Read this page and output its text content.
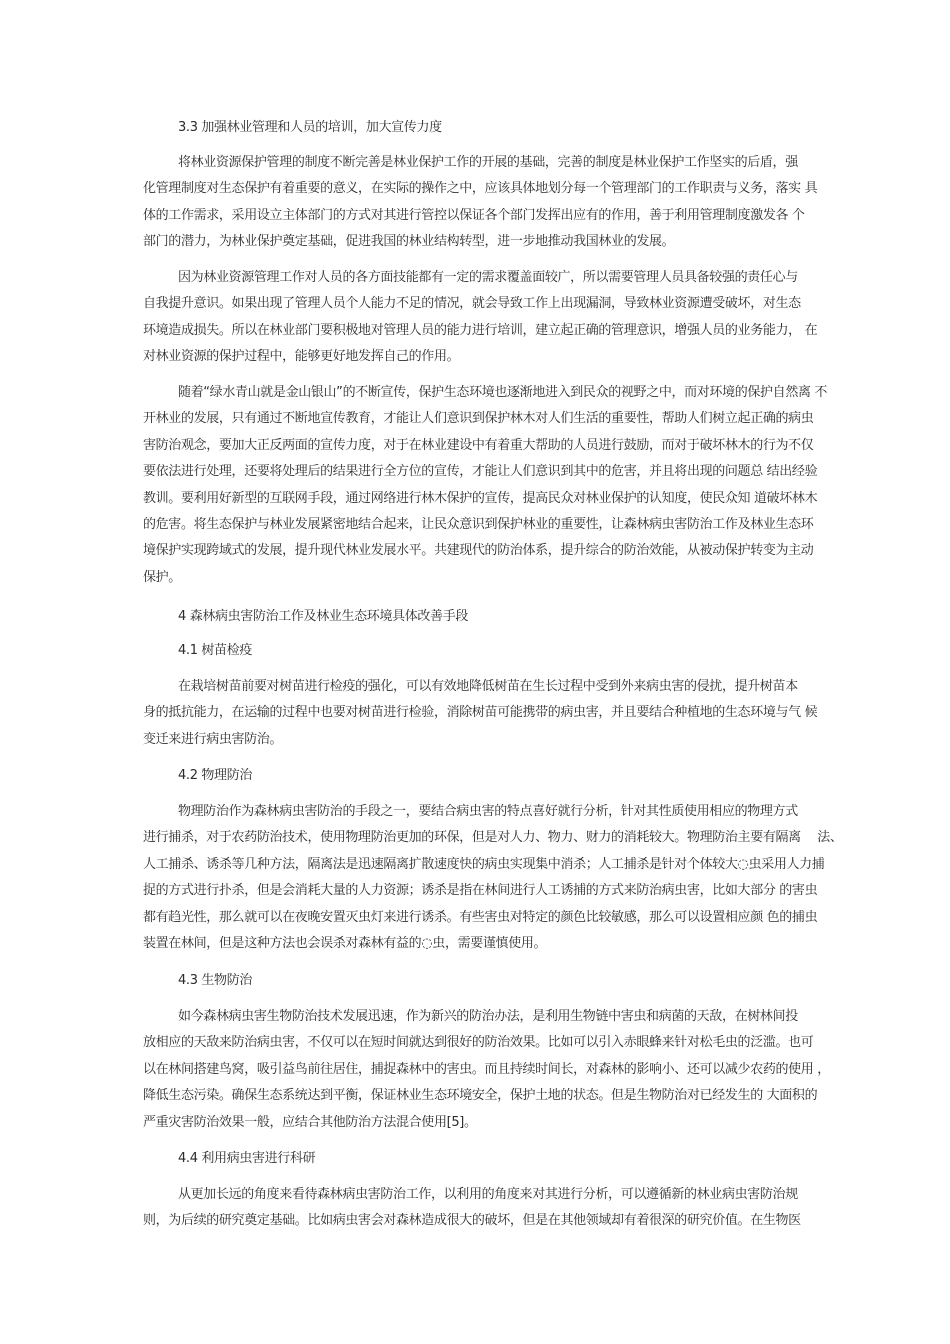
3.3 加强林业管理和人员的培训，加大宣传力度
将林业资源保护管理的制度不断完善是林业保护工作的开展的基础，完善的制度是林业保护工作坚实的后盾，强
化管理制度对生态保护有着重要的意义，在实际的操作之中，应该具体地划分每一个管理部门的工作职责与义务，落实 具
体的工作需求，采用设立主体部门的方式对其进行管控以保证各个部门发挥出应有的作用，善于利用管理制度激发各 个
部门的潜力，为林业保护奠定基础，促进我国的林业结构转型，进一步地推动我国林业的发展。
因为林业资源管理工作对人员的各方面技能都有一定的需求覆盖面较广，所以需要管理人员具备较强的责任心与
自我提升意识。如果出现了管理人员个人能力不足的情况，就会导致工作上出现漏洞，导致林业资源遭受破坏，对生态
环境造成损失。所以在林业部门要积极地对管理人员的能力进行培训，建立起正确的管理意识，增强人员的业务能力， 在
对林业资源的保护过程中，能够更好地发挥自己的作用。
随着“绿水青山就是金山银山”的不断宣传，保护生态环境也逐渐地进入到民众的视野之中，而对环境的保护自然离 不
开林业的发展，只有通过不断地宣传教育，才能让人们意识到保护林木对人们生活的重要性，帮助人们树立起正确的病虫
害防治观念，要加大正反两面的宣传力度，对于在林业建设中有着重大帮助的人员进行鼓励，而对于破坏林木的行为不仅
要依法进行处理，还要将处理后的结果进行全方位的宣传，才能让人们意识到其中的危害，并且将出现的问题总 结出经验
教训。要利用好新型的互联网手段，通过网络进行林木保护的宣传，提高民众对林业保护的认知度，使民众知 道破坏林木
的危害。将生态保护与林业发展紧密地结合起来，让民众意识到保护林业的重要性，让森林病虫害防治工作及林业生态环
境保护实现跨域式的发展，提升现代林业发展水平。共建现代的防治体系，提升综合的防治效能，从被动保护转变为主动
保护。
4 森林病虫害防治工作及林业生态环境具体改善手段
4.1 树苗检疫
在栽培树苗前要对树苗进行检疫的强化，可以有效地降低树苗在生长过程中受到外来病虫害的侵扰，提升树苗本
身的抵抗能力，在运输的过程中也要对树苗进行检验，消除树苗可能携带的病虫害，并且要结合种植地的生态环境与气 候
变迁来进行病虫害防治。
4.2 物理防治
物理防治作为森林病虫害防治的手段之一，要结合病虫害的特点喜好就行分析，针对其性质使用相应的物理方式
进行捕杀，对于农药防治技术，使用物理防治更加的环保，但是对人力、物力、财力的消耗较大。物理防治主要有隔离　 法、
人工捕杀、诱杀等几种方法，隔离法是迅速隔离扩散速度快的病虫实现集中消杀；人工捕杀是针对个体较大◌虫采用人力捕
捉的方式进行扑杀，但是会消耗大量的人力资源；诱杀是指在林间进行人工诱捕的方式来防治病虫害，比如大部分 的害虫
都有趋光性，那么就可以在夜晚安置灭虫灯来进行诱杀。有些害虫对特定的颜色比较敏感，那么可以设置相应颜 色的捕虫
装置在林间，但是这种方法也会误杀对森林有益的◌虫，需要谨慎使用。
4.3 生物防治
如今森林病虫害生物防治技术发展迅速，作为新兴的防治办法，是利用生物链中害虫和病菌的天敌，在树林间投
放相应的天敌来防治病虫害，不仅可以在短时间就达到很好的防治效果。比如可以引入赤眼蜂来针对松毛虫的泛滥。也可
以在林间搭建鸟窝，吸引益鸟前往居住，捕捉森林中的害虫。而且持续时间长，对森林的影响小、还可以减少农药的使用 ，
降低生态污染。确保生态系统达到平衡，保证林业生态环境安全，保护土地的状态。但是生物防治对已经发生的 大面积的
严重灾害防治效果一般，应结合其他防治方法混合使用[5]。
4.4 利用病虫害进行科研
从更加长远的角度来看待森林病虫害防治工作，以利用的角度来对其进行分析，可以遵循新的林业病虫害防治规
则，为后续的研究奠定基础。比如病虫害会对森林造成很大的破坏，但是在其他领域却有着很深的研究价值。在生物医
